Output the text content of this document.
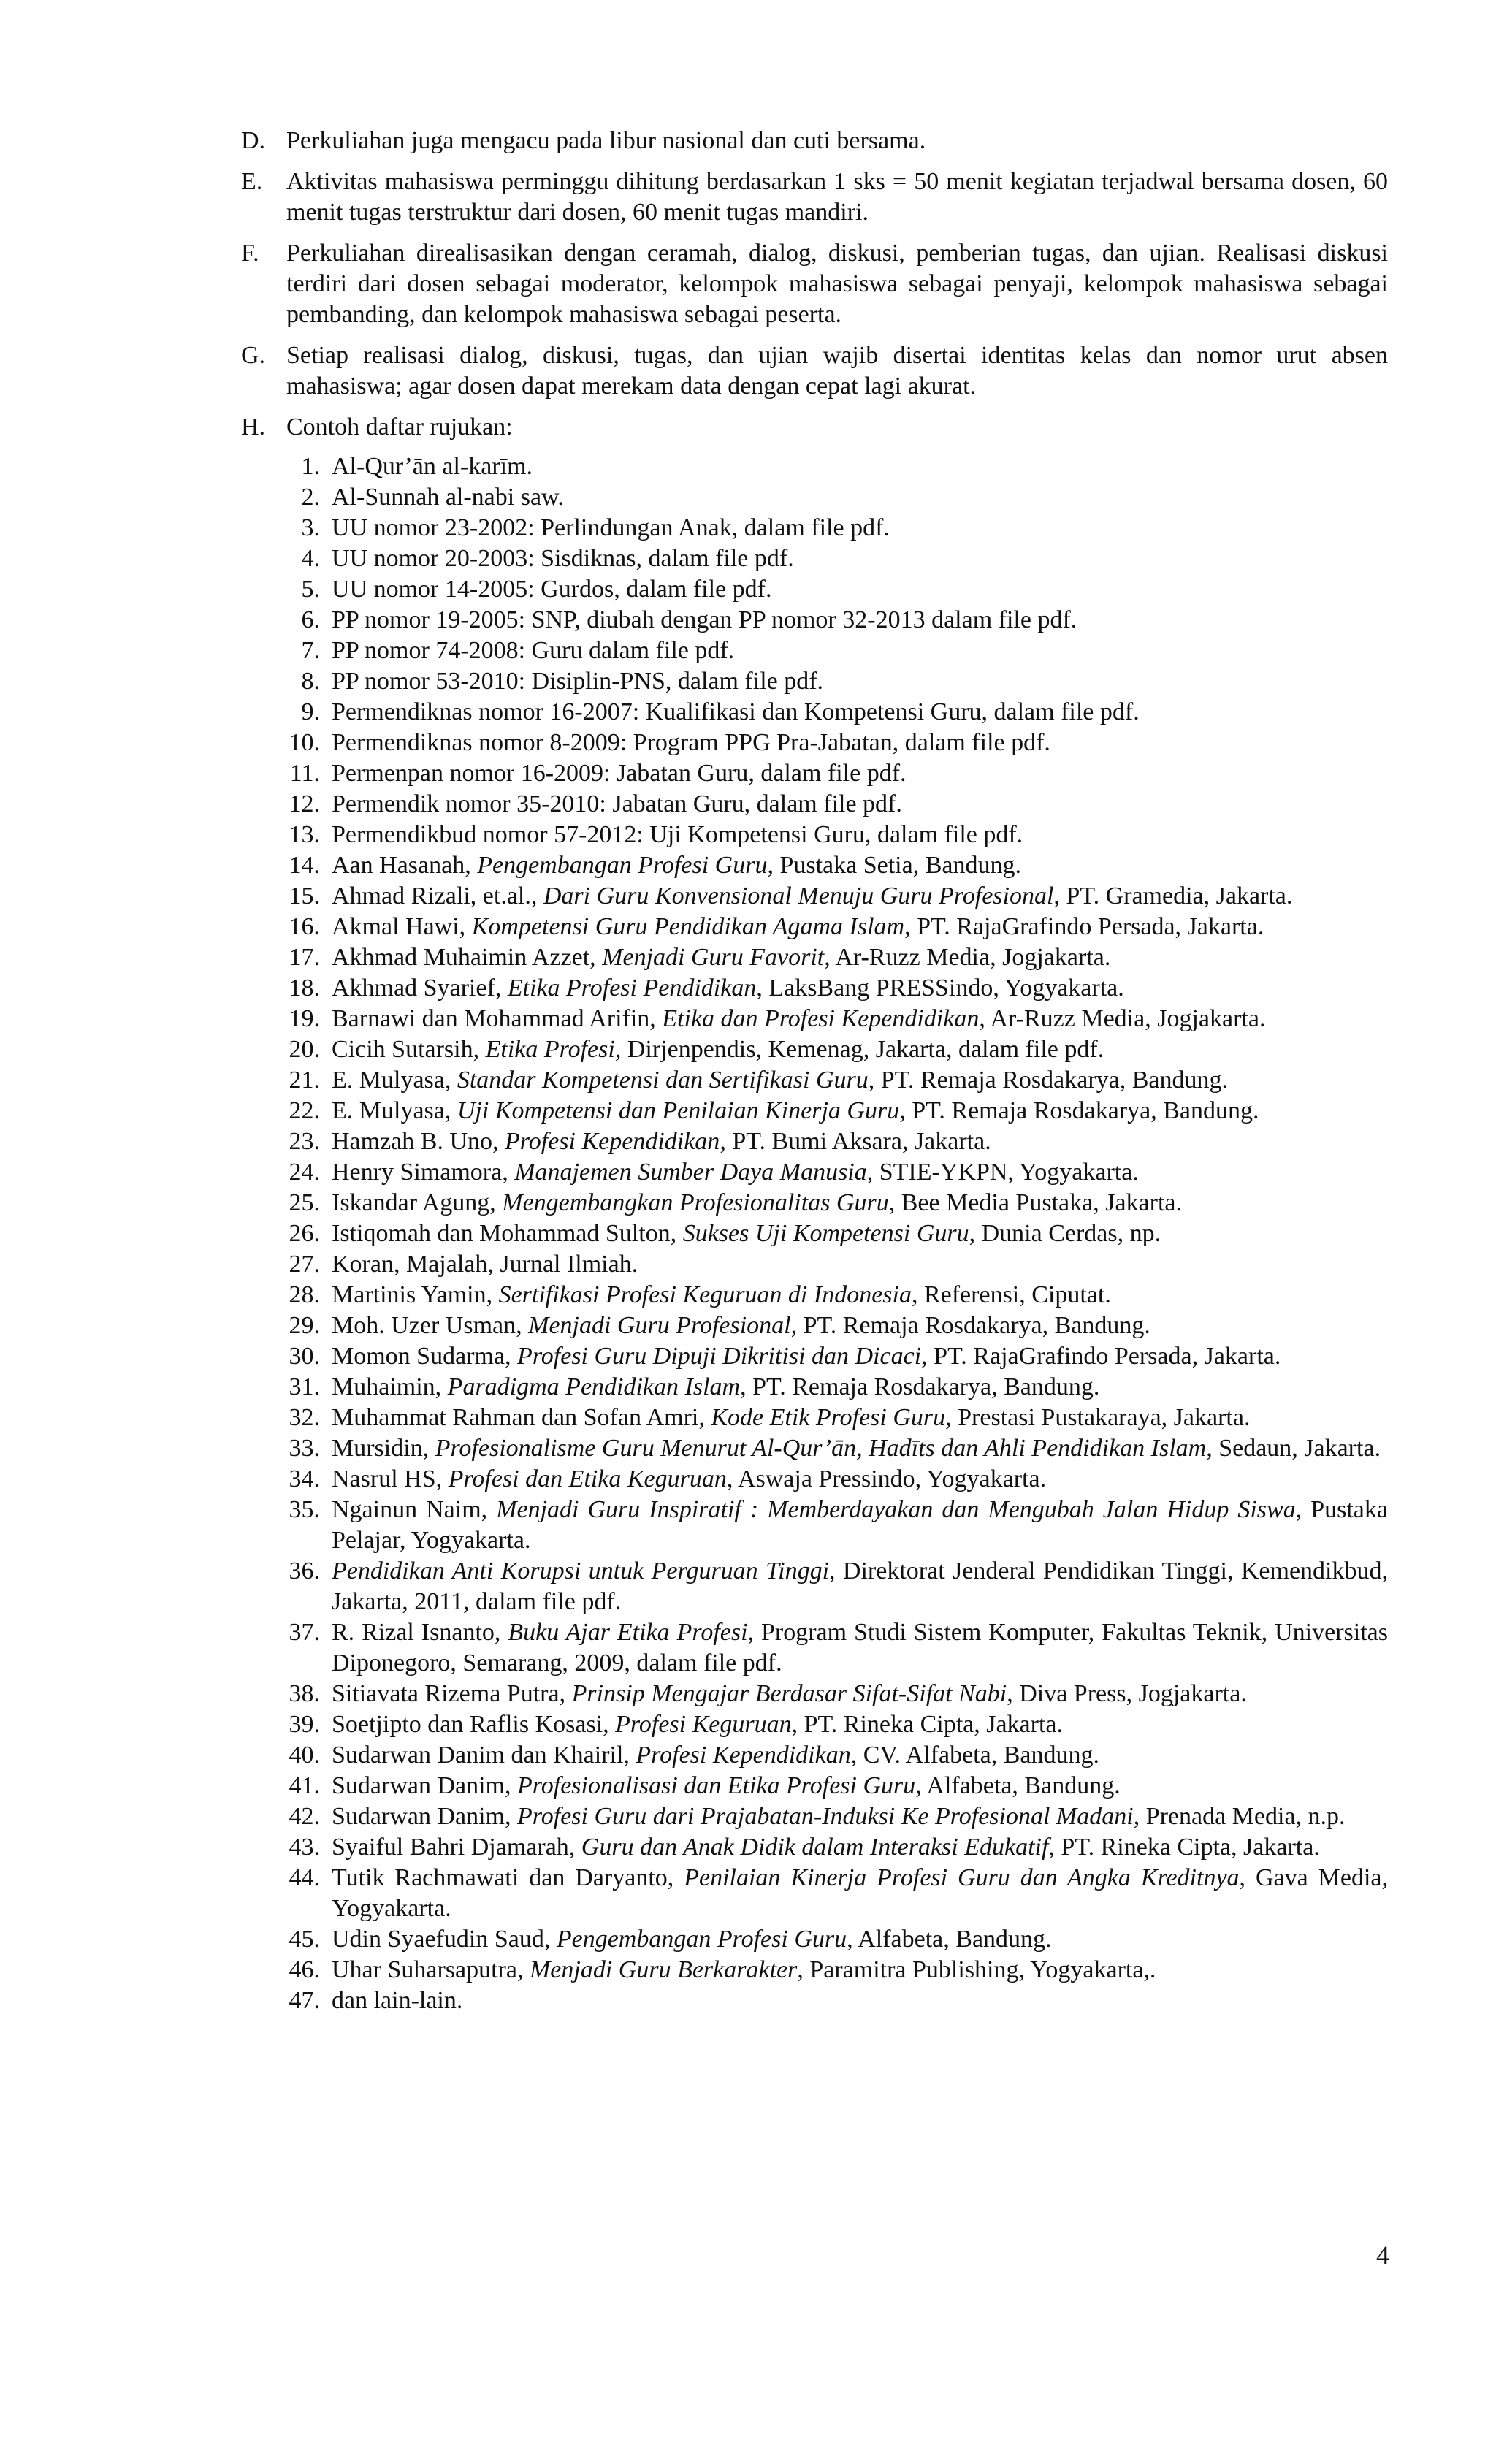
D. Perkuliahan juga mengacu pada libur nasional dan cuti bersama.
E. Aktivitas mahasiswa perminggu dihitung berdasarkan 1 sks = 50 menit kegiatan terjadwal bersama dosen, 60 menit tugas terstruktur dari dosen, 60 menit tugas mandiri.
F. Perkuliahan direalisasikan dengan ceramah, dialog, diskusi, pemberian tugas, dan ujian. Realisasi diskusi terdiri dari dosen sebagai moderator, kelompok mahasiswa sebagai penyaji, kelompok mahasiswa sebagai pembanding, dan kelompok mahasiswa sebagai peserta.
G. Setiap realisasi dialog, diskusi, tugas, dan ujian wajib disertai identitas kelas dan nomor urut absen mahasiswa; agar dosen dapat merekam data dengan cepat lagi akurat.
H. Contoh daftar rujukan:
1. Al-Qur’ān al-karīm.
2. Al-Sunnah al-nabi saw.
3. UU nomor 23-2002: Perlindungan Anak, dalam file pdf.
4. UU nomor 20-2003: Sisdiknas, dalam file pdf.
5. UU nomor 14-2005: Gurdos, dalam file pdf.
6. PP nomor 19-2005: SNP, diubah dengan PP nomor 32-2013 dalam file pdf.
7. PP nomor 74-2008: Guru dalam file pdf.
8. PP nomor 53-2010: Disiplin-PNS, dalam file pdf.
9. Permendiknas nomor 16-2007: Kualifikasi dan Kompetensi Guru, dalam file pdf.
10. Permendiknas nomor 8-2009: Program PPG Pra-Jabatan, dalam file pdf.
11. Permenpan nomor 16-2009: Jabatan Guru, dalam file pdf.
12. Permendik nomor 35-2010: Jabatan Guru, dalam file pdf.
13. Permendikbud nomor 57-2012: Uji Kompetensi Guru, dalam file pdf.
14. Aan Hasanah, Pengembangan Profesi Guru, Pustaka Setia, Bandung.
15. Ahmad Rizali, et.al., Dari Guru Konvensional Menuju Guru Profesional, PT. Gramedia, Jakarta.
16. Akmal Hawi, Kompetensi Guru Pendidikan Agama Islam, PT. RajaGrafindo Persada, Jakarta.
17. Akhmad Muhaimin Azzet, Menjadi Guru Favorit, Ar-Ruzz Media, Jogjakarta.
18. Akhmad Syarief, Etika Profesi Pendidikan, LaksBang PRESSindo, Yogyakarta.
19. Barnawi dan Mohammad Arifin, Etika dan Profesi Kependidikan, Ar-Ruzz Media, Jogjakarta.
20. Cicih Sutarsih, Etika Profesi, Dirjenpendis, Kemenag, Jakarta, dalam file pdf.
21. E. Mulyasa, Standar Kompetensi dan Sertifikasi Guru, PT. Remaja Rosdakarya, Bandung.
22. E. Mulyasa, Uji Kompetensi dan Penilaian Kinerja Guru, PT. Remaja Rosdakarya, Bandung.
23. Hamzah B. Uno, Profesi Kependidikan, PT. Bumi Aksara, Jakarta.
24. Henry Simamora, Manajemen Sumber Daya Manusia, STIE-YKPN, Yogyakarta.
25. Iskandar Agung, Mengembangkan Profesionalitas Guru, Bee Media Pustaka, Jakarta.
26. Istiqomah dan Mohammad Sulton, Sukses Uji Kompetensi Guru, Dunia Cerdas, np.
27. Koran, Majalah, Jurnal Ilmiah.
28. Martinis Yamin, Sertifikasi Profesi Keguruan di Indonesia, Referensi, Ciputat.
29. Moh. Uzer Usman, Menjadi Guru Profesional, PT. Remaja Rosdakarya, Bandung.
30. Momon Sudarma, Profesi Guru Dipuji Dikritisi dan Dicaci, PT. RajaGrafindo Persada, Jakarta.
31. Muhaimin, Paradigma Pendidikan Islam, PT. Remaja Rosdakarya, Bandung.
32. Muhammat Rahman dan Sofan Amri, Kode Etik Profesi Guru, Prestasi Pustakaraya, Jakarta.
33. Mursidin, Profesionalisme Guru Menurut Al-Qur’ān, Hadīts dan Ahli Pendidikan Islam, Sedaun, Jakarta.
34. Nasrul HS, Profesi dan Etika Keguruan, Aswaja Pressindo, Yogyakarta.
35. Ngainun Naim, Menjadi Guru Inspiratif : Memberdayakan dan Mengubah Jalan Hidup Siswa, Pustaka Pelajar, Yogyakarta.
36. Pendidikan Anti Korupsi untuk Perguruan Tinggi, Direktorat Jenderal Pendidikan Tinggi, Kemendikbud, Jakarta, 2011, dalam file pdf.
37. R. Rizal Isnanto, Buku Ajar Etika Profesi, Program Studi Sistem Komputer, Fakultas Teknik, Universitas Diponegoro, Semarang, 2009, dalam file pdf.
38. Sitiavata Rizema Putra, Prinsip Mengajar Berdasar Sifat-Sifat Nabi, Diva Press, Jogjakarta.
39. Soetjipto dan Raflis Kosasi, Profesi Keguruan, PT. Rineka Cipta, Jakarta.
40. Sudarwan Danim dan Khairil, Profesi Kependidikan, CV. Alfabeta, Bandung.
41. Sudarwan Danim, Profesionalisasi dan Etika Profesi Guru, Alfabeta, Bandung.
42. Sudarwan Danim, Profesi Guru dari Prajabatan-Induksi Ke Profesional Madani, Prenada Media, n.p.
43. Syaiful Bahri Djamarah, Guru dan Anak Didik dalam Interaksi Edukatif, PT. Rineka Cipta, Jakarta.
44. Tutik Rachmawati dan Daryanto, Penilaian Kinerja Profesi Guru dan Angka Kreditnya, Gava Media, Yogyakarta.
45. Udin Syaefudin Saud, Pengembangan Profesi Guru, Alfabeta, Bandung.
46. Uhar Suharsaputra, Menjadi Guru Berkarakter, Paramitra Publishing, Yogyakarta,.
47. dan lain-lain.
4
